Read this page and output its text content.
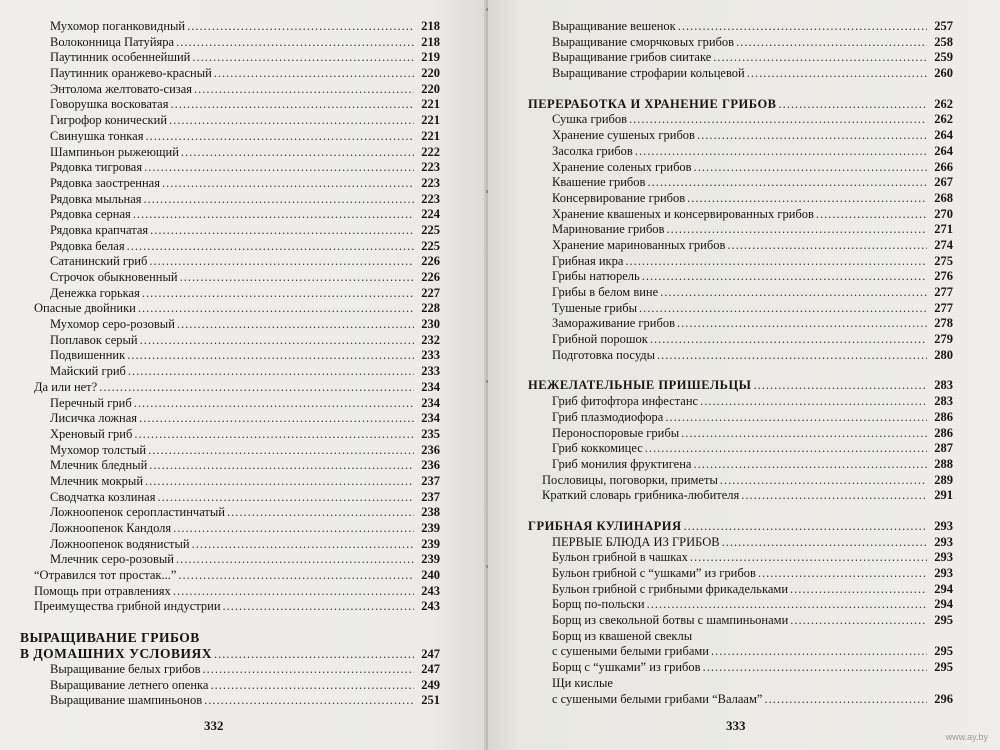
Мухомор поганковидный .....	218
Волоконница Патуйяра .....	218
Паутинник особеннейший .....	219
Паутинник оранжево-красный .....	220
Энтолома желтовато-сизая .....	220
Говорушка восковатая .....	221
Гигрофор конический .....	221
Свинушка тонкая .....	221
Шампиньон рыжеющий .....	222
Рядовка тигровая .....	223
Рядовка заостренная .....	223
Рядовка мыльная .....	223
Рядовка серная .....	224
Рядовка крапчатая .....	225
Рядовка белая .....	225
Сатанинский гриб .....	226
Строчок обыкновенный .....	226
Денежка горькая .....	227
Опасные двойники .....	228
Мухомор серо-розовый .....	230
Поплавок серый .....	232
Подвишенник .....	233
Майский гриб .....	233
Да или нет? .....	234
Перечный гриб .....	234
Лисичка ложная .....	234
Хреновый гриб .....	235
Мухомор толстый .....	236
Млечник бледный .....	236
Млечник мокрый .....	237
Сводчатка козлиная .....	237
Ложноопенок серопластинчатый .....	238
Ложноопенок Кандоля .....	239
Ложноопенок водянистый .....	239
Млечник серо-розовый .....	239
“Отравился тот простак...” .....	240
Помощь при отравлениях .....	243
Преимущества грибной индустрии .....	243
ВЫРАЩИВАНИЕ ГРИБОВ
В ДОМАШНИХ УСЛОВИЯХ .....	247
Выращивание белых грибов .....	247
Выращивание летнего опенка .....	249
Выращивание шампиньонов .....	251
332
Выращивание вешенок .....	257
Выращивание сморчковых грибов .....	258
Выращивание грибов сиитаке .....	259
Выращивание строфарии кольцевой .....	260
ПЕРЕРАБОТКА И ХРАНЕНИЕ ГРИБОВ .....	262
Сушка грибов .....	262
Хранение сушеных грибов .....	264
Засолка грибов .....	264
Хранение соленых грибов .....	266
Квашение грибов .....	267
Консервирование грибов .....	268
Хранение квашеных и консервированных грибов .....	270
Маринование грибов .....	271
Хранение маринованных грибов .....	274
Грибная икра .....	275
Грибы натюрель .....	276
Грибы в белом вине .....	277
Тушеные грибы .....	277
Замораживание грибов .....	278
Грибной порошок .....	279
Подготовка посуды .....	280
НЕЖЕЛАТЕЛЬНЫЕ ПРИШЕЛЬЦЫ .....	283
Гриб фитофтора инфестанс .....	283
Гриб плазмодиофора .....	286
Пероноспоровые грибы .....	286
Гриб коккомицес .....	287
Гриб монилия фруктигена .....	288
Пословицы, поговорки, приметы .....	289
Краткий словарь грибника-любителя .....	291
ГРИБНАЯ КУЛИНАРИЯ .....	293
ПЕРВЫЕ БЛЮДА ИЗ ГРИБОВ .....	293
Бульон грибной в чашках .....	293
Бульон грибной с “ушками” из грибов .....	293
Бульон грибной с грибными фрикадельками .....	294
Борщ по-польски .....	294
Борщ из свекольной ботвы с шампиньонами .....	295
Борщ из квашеной свеклы
с сушеными белыми грибами .....	295
Борщ с “ушками” из грибов .....	295
Щи кислые
с сушеными белыми грибами “Валаам” .....	296
333
www.ay.by
